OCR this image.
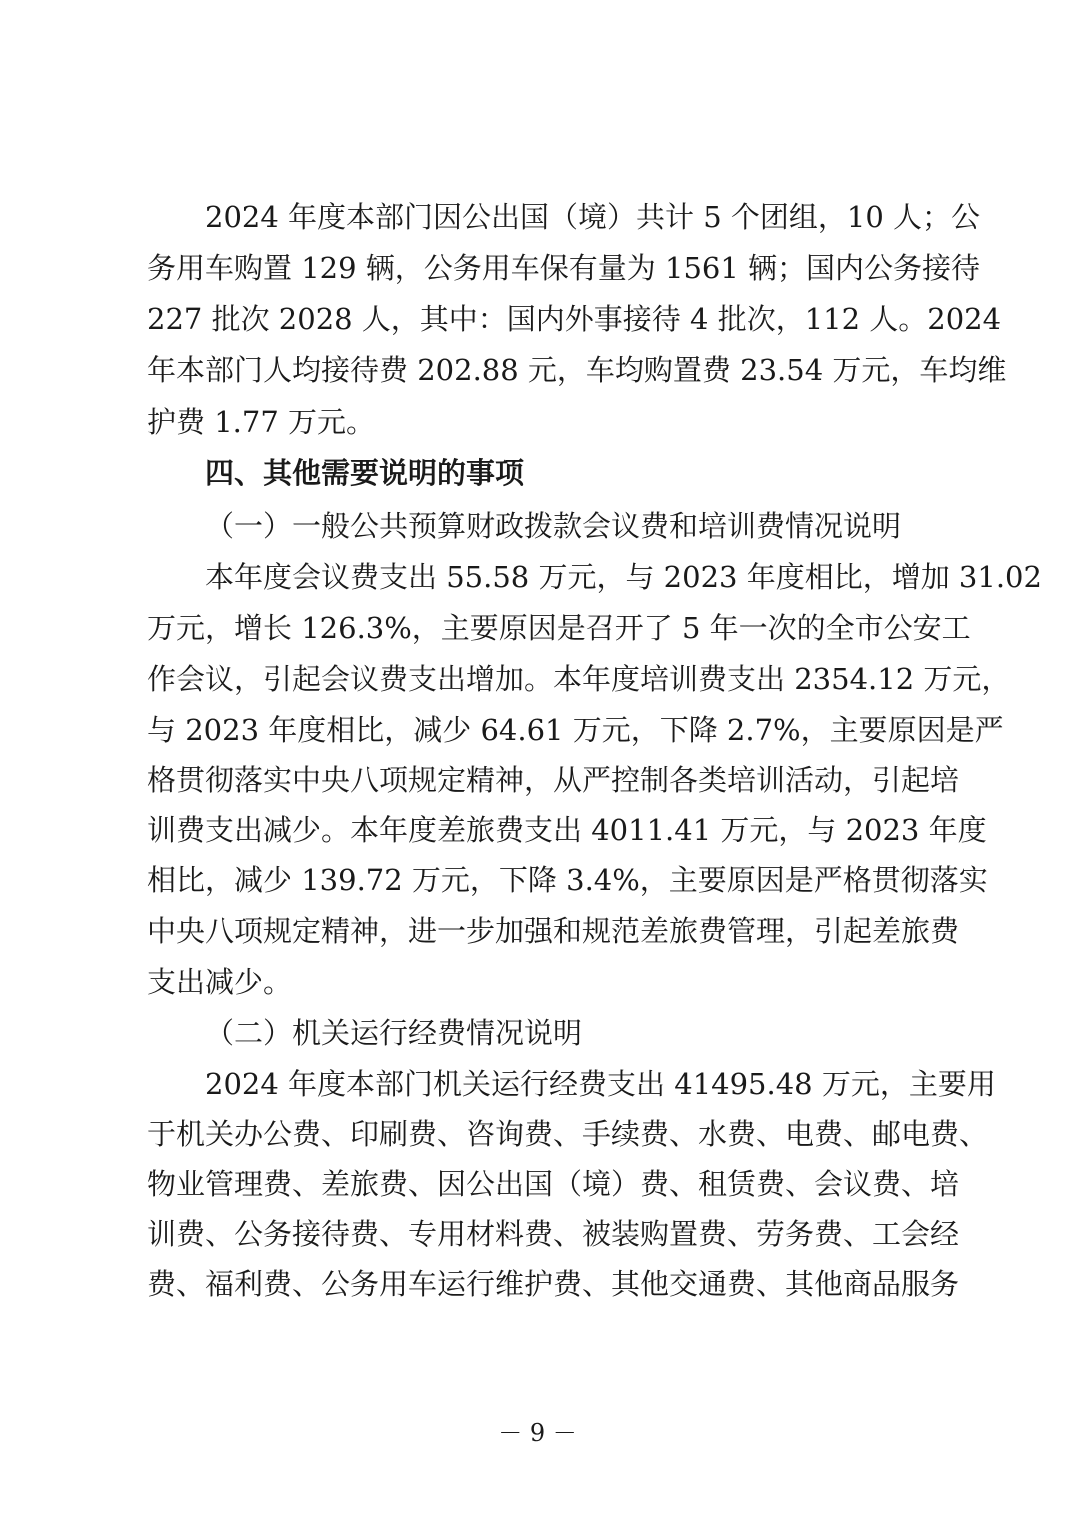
2024 年度本部门因公出国（境）共计 5 个团组，10 人；公
务用车购置 129 辆，公务用车保有量为 1561 辆；国内公务接待
227 批次 2028 人，其中：国内外事接待 4 批次，112 人。2024
年本部门人均接待费 202.88 元，车均购置费 23.54 万元，车均维
护费 1.77 万元。
四、其他需要说明的事项
（一）一般公共预算财政拨款会议费和培训费情况说明
本年度会议费支出 55.58 万元，与 2023 年度相比，增加 31.02
万元，增长 126.3%，主要原因是召开了 5 年一次的全市公安工
作会议，引起会议费支出增加。本年度培训费支出 2354.12 万元，
与 2023 年度相比，减少 64.61 万元，下降 2.7%，主要原因是严
格贯彻落实中央八项规定精神，从严控制各类培训活动，引起培
训费支出减少。本年度差旅费支出 4011.41 万元，与 2023 年度
相比，减少 139.72 万元，下降 3.4%，主要原因是严格贯彻落实
中央八项规定精神，进一步加强和规范差旅费管理，引起差旅费
支出减少。
（二）机关运行经费情况说明
2024 年度本部门机关运行经费支出 41495.48 万元，主要用
于机关办公费、印刷费、咨询费、手续费、水费、电费、邮电费、
物业管理费、差旅费、因公出国（境）费、租赁费、会议费、培
训费、公务接待费、专用材料费、被装购置费、劳务费、工会经
费、福利费、公务用车运行维护费、其他交通费、其他商品服务
－ 9 －
